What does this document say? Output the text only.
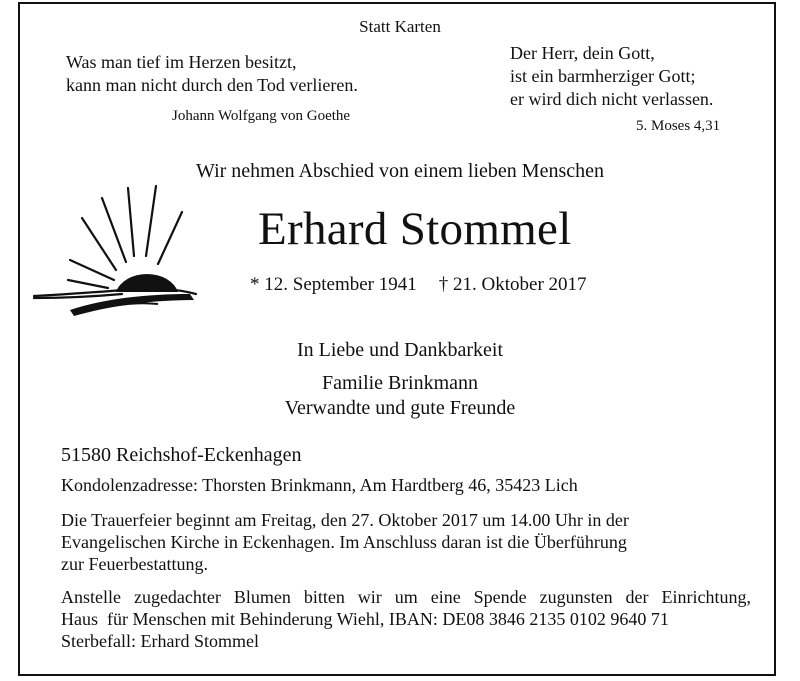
Statt Karten
Was man tief im Herzen besitzt,
kann man nicht durch den Tod verlieren.
Johann Wolfgang von Goethe
Der Herr, dein Gott,
ist ein barmherziger Gott;
er wird dich nicht verlassen.
5. Moses 4,31
Wir nehmen Abschied von einem lieben Menschen
Erhard Stommel
* 12. September 1941 † 21. Oktober 2017
In Liebe und Dankbarkeit
Familie Brinkmann
Verwandte und gute Freunde
51580 Reichshof-Eckenhagen
Kondolenzadresse: Thorsten Brinkmann, Am Hardtberg 46, 35423 Lich
Die Trauerfeier beginnt am Freitag, den 27. Oktober 2017 um 14.00 Uhr in der
Evangelischen Kirche in Eckenhagen. Im Anschluss daran ist die Überführung
zur Feuerbestattung.
Anstelle zugedachter Blumen bitten wir um eine Spende zugunsten der Einrichtung,
Haus  für Menschen mit Behinderung Wiehl, IBAN: DE08 3846 2135 0102 9640 71
Sterbefall: Erhard Stommel
